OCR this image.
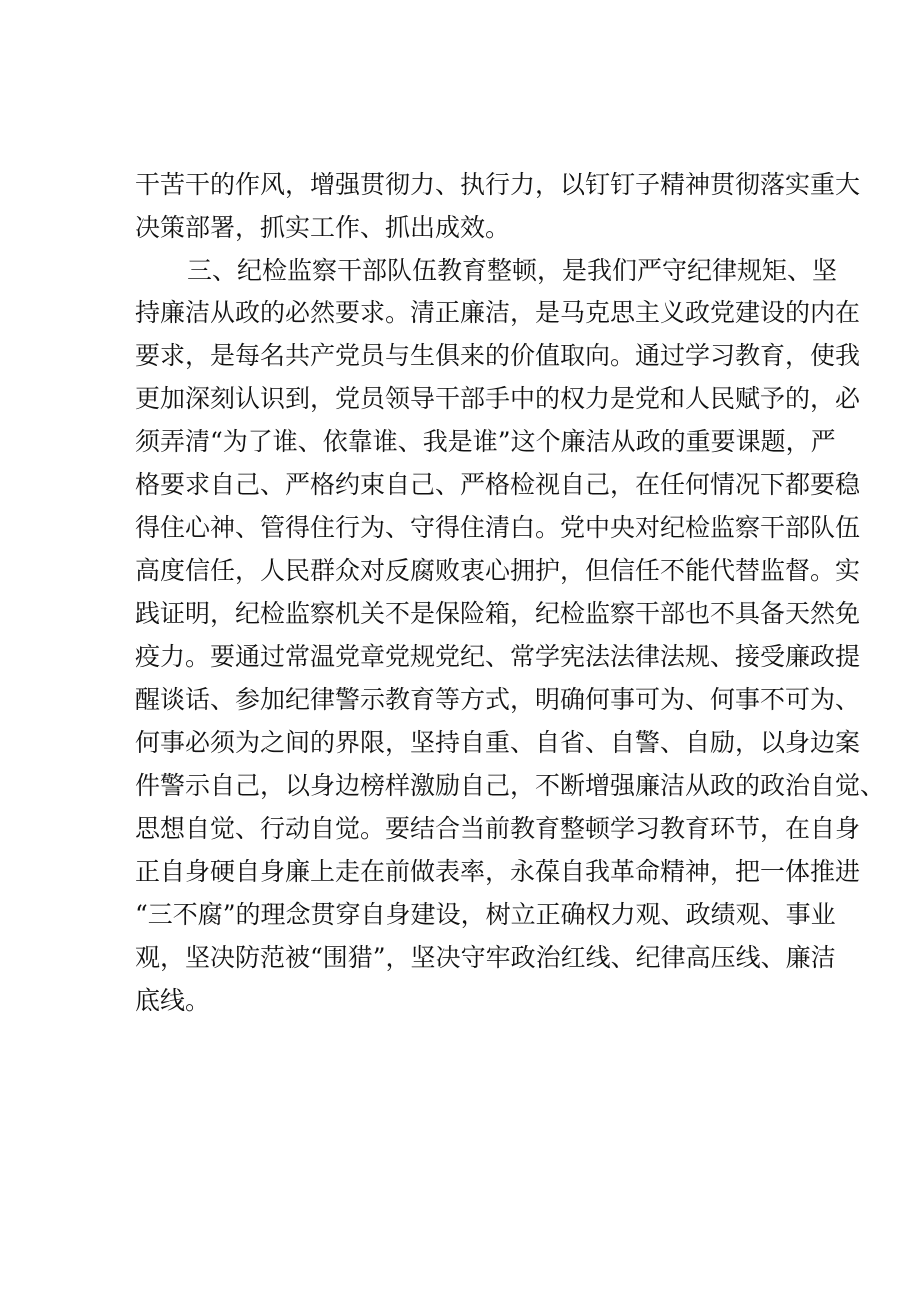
干苦干的作风，增强贯彻力、执行力，以钉钉子精神贯彻落实重大
决策部署，抓实工作、抓出成效。
三、纪检监察干部队伍教育整顿，是我们严守纪律规矩、坚
持廉洁从政的必然要求。清正廉洁，是马克思主义政党建设的内在
要求，是每名共产党员与生俱来的价值取向。通过学习教育，使我
更加深刻认识到，党员领导干部手中的权力是党和人民赋予的，必
须弄清“为了谁、依靠谁、我是谁”这个廉洁从政的重要课题，严
格要求自己、严格约束自己、严格检视自己，在任何情况下都要稳
得住心神、管得住行为、守得住清白。党中央对纪检监察干部队伍
高度信任，人民群众对反腐败衷心拥护，但信任不能代替监督。实
践证明，纪检监察机关不是保险箱，纪检监察干部也不具备天然免
疫力。要通过常温党章党规党纪、常学宪法法律法规、接受廉政提
醒谈话、参加纪律警示教育等方式，明确何事可为、何事不可为、
何事必须为之间的界限，坚持自重、自省、自警、自励，以身边案
件警示自己，以身边榜样激励自己，不断增强廉洁从政的政治自觉、
思想自觉、行动自觉。要结合当前教育整顿学习教育环节，在自身
正自身硬自身廉上走在前做表率，永葆自我革命精神，把一体推进
“三不腐”的理念贯穿自身建设，树立正确权力观、政绩观、事业
观，坚决防范被“围猎”，坚决守牢政治红线、纪律高压线、廉洁
底线。
